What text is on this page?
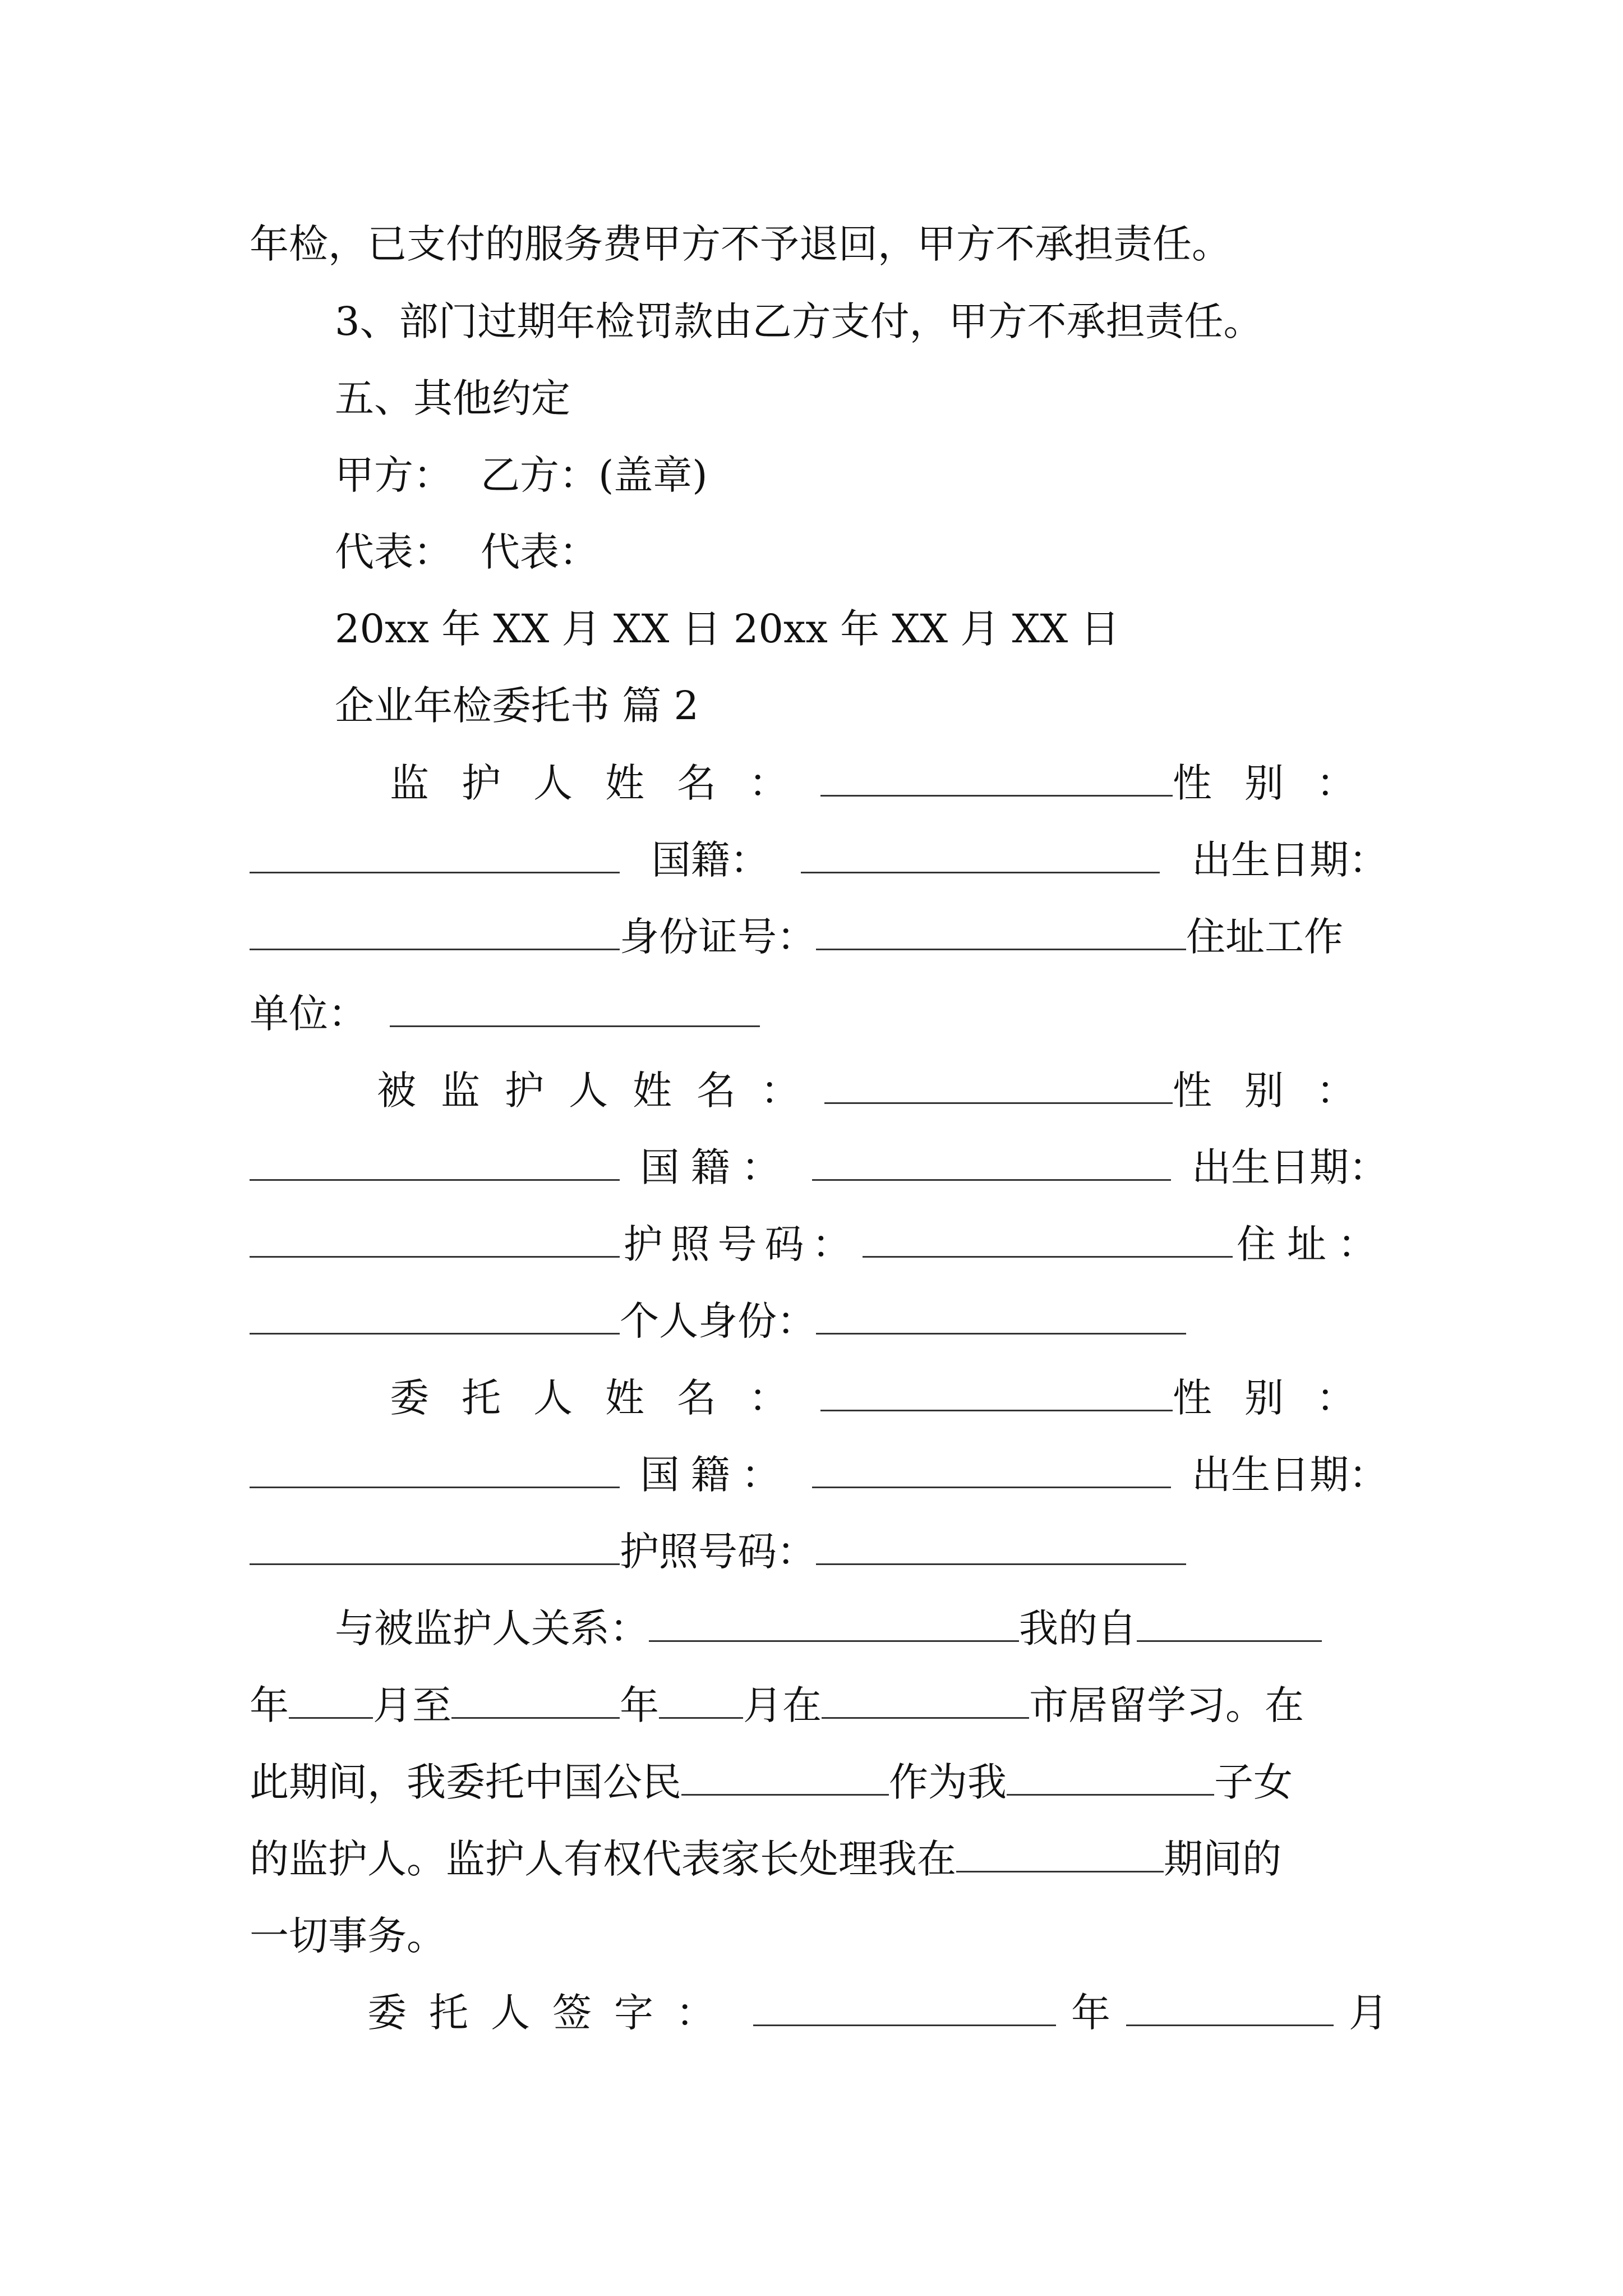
年检，已支付的服务费甲方不予退回，甲方不承担责任。
3、部门过期年检罚款由乙方支付，甲方不承担责任。
五、其他约定
甲方： 乙方：(盖章)
代表： 代表：
20xx 年 XX 月 XX 日 20xx 年 XX 月 XX 日
企业年检委托书 篇 2
监护人姓名：	性别：
国籍：	出生日期：
身份证号：	住址工作
单位：
被监护人姓名：	性别：
国籍：	出生日期：
护照号码：	住址：
个人身份：
委托人姓名：	性别：
国籍：	出生日期：
护照号码：
与被监护人关系：	我的自
年 月至	年 月在	市居留学习。在
此期间，我委托中国公民	作为我	子女
的监护人。监护人有权代表家长处理我在	期间的
一切事务。
委托人签字：	年	月
